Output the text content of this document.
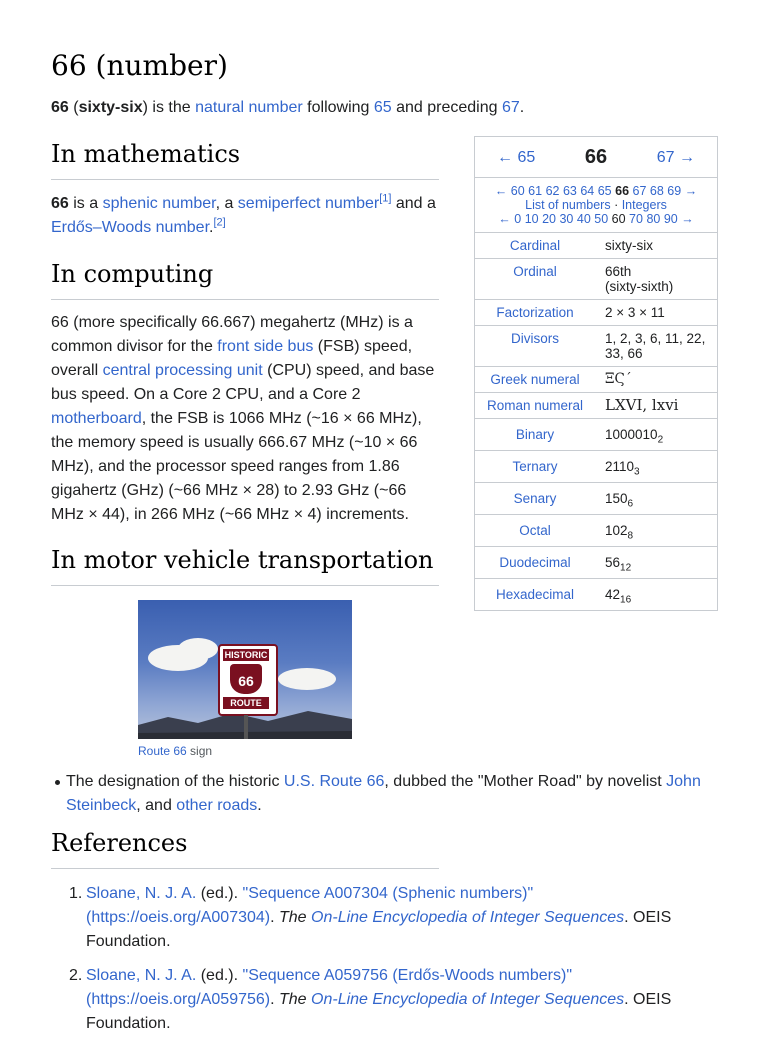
66 (number)

66 (sixty-six) is the natural number following 65 and preceding 67.

In mathematics

66 is a sphenic number, a semiperfect number[1] and a Erdős–Woods number.[2]

In computing

66 (more specifically 66.667) megahertz (MHz) is a common divisor for the front side bus (FSB) speed, overall central processing unit (CPU) speed, and base bus speed. On a Core 2 CPU, and a Core 2 motherboard, the FSB is 1066 MHz (~16 × 66 MHz), the memory speed is usually 666.67 MHz (~10 × 66 MHz), and the processor speed ranges from 1.86 gigahertz (GHz) (~66 MHz × 28) to 2.93 GHz (~66 MHz × 44), in 266 MHz (~66 MHz × 4) increments.

In motor vehicle transportation
HISTORIC
66
ROUTE
Route 66 sign
The designation of the historic U.S. Route 66, dubbed the "Mother Road" by novelist John Steinbeck, and other roads.
References
1. Sloane, N. J. A. (ed.). "Sequence A007304 (Sphenic numbers)" (https://oeis.org/A007304). The On-Line Encyclopedia of Integer Sequences. OEIS Foundation.
2. Sloane, N. J. A. (ed.). "Sequence A059756 (Erdős-Woods numbers)" (https://oeis.org/A059756). The On-Line Encyclopedia of Integer Sequences. OEIS Foundation.
← 65 66	67 →
← 60 61 62 63 64 65 66 67 68 69 →
List of numbers · Integers
← 0 10 20 30 40 50 60 70 80 90 →
Cardinal	sixty-six
Ordinal	66th
(sixty-sixth)
Factorization	2 × 3 × 11
Divisors	1, 2, 3, 6, 11, 22, 33, 66
Greek numeral	ΞϚ´
Roman numeral	LXVI, lxvi
Binary	$1000010_2$
Ternary	$2110_3$
Senary	$150_6$
Octal	$102_8$
Duodecimal	$56_{12}$
Hexadecimal	$42_{16}$
